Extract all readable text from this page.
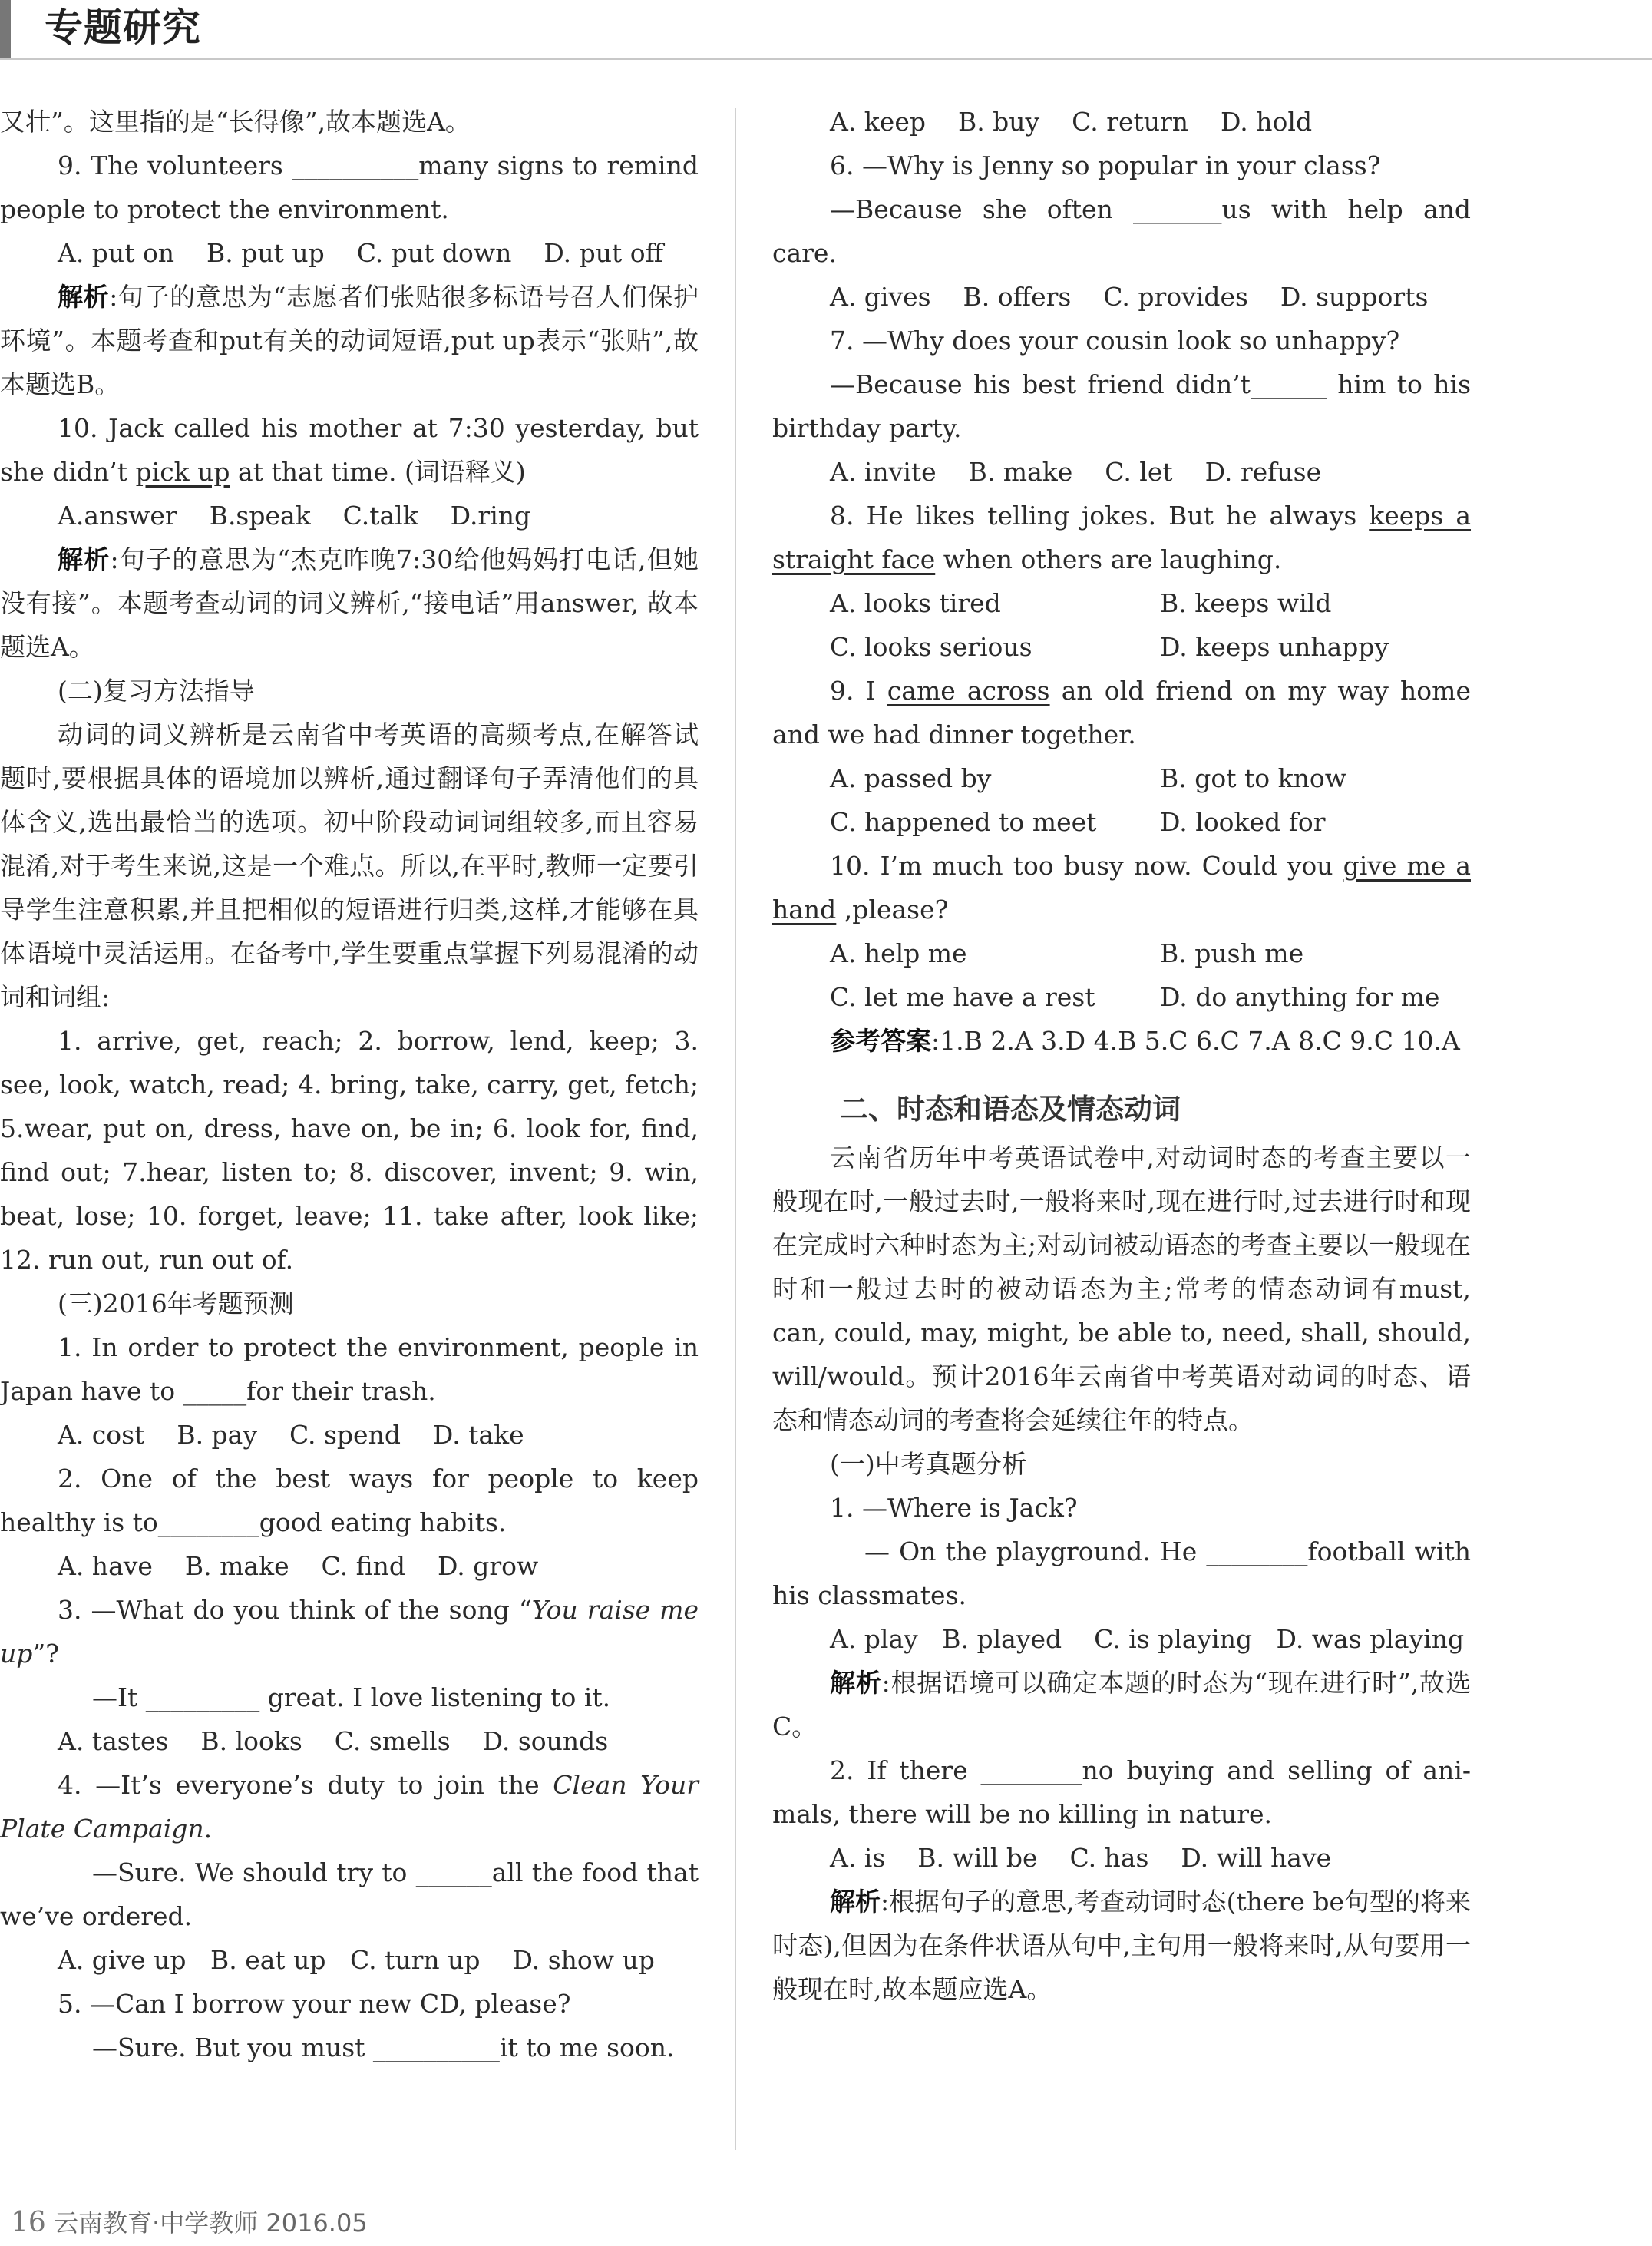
专题研究
又壮”。这里指的是“长得像”,故本题选A。
9. The volunteers __________many signs to remind people to protect the environment.
A. put on    B. put up    C. put down    D. put off
解析:句子的意思为“志愿者们张贴很多标语号召人们保护环境”。本题考查和put有关的动词短语,put up表示“张贴”,故本题选B。
10. Jack called his mother at 7:30 yesterday, but she didn’t pick up at that time. (词语释义)
A.answer    B.speak    C.talk    D.ring
解析:句子的意思为“杰克昨晚7:30给他妈妈打电话,但她没有接”。本题考查动词的词义辨析,“接电话”用answer, 故本题选A。
(二)复习方法指导
动词的词义辨析是云南省中考英语的高频考点,在解答试题时,要根据具体的语境加以辨析,通过翻译句子弄清他们的具体含义,选出最恰当的选项。初中阶段动词词组较多,而且容易混淆,对于考生来说,这是一个难点。所以,在平时,教师一定要引导学生注意积累,并且把相似的短语进行归类,这样,才能够在具体语境中灵活运用。在备考中,学生要重点掌握下列易混淆的动词和词组:
1. arrive, get, reach; 2. borrow, lend, keep; 3. see, look, watch, read; 4. bring, take, carry, get, fetch; 5.wear, put on, dress, have on, be in; 6. look for, find, find out; 7.hear, listen to; 8. discover, invent; 9. win, beat, lose; 10. forget, leave; 11. take after, look like; 12. run out, run out of.
(三)2016年考题预测
1. In order to protect the environment, people in Japan have to _____for their trash.
A. cost    B. pay    C. spend    D. take
2. One of the best ways for people to keep healthy is to________good eating habits.
A. have    B. make    C. find    D. grow
3. —What do you think of the song “You raise me up”?
—It _________ great. I love listening to it.
A. tastes    B. looks    C. smells    D. sounds
4. —It’s everyone’s duty to join the Clean Your Plate Campaign.
—Sure. We should try to ______all the food that we’ve ordered.
A. give up   B. eat up   C. turn up    D. show up
5. —Can I borrow your new CD, please?
—Sure. But you must __________it to me soon.
A. keep    B. buy    C. return    D. hold
6. —Why is Jenny so popular in your class?
—Because she often _______us with help and care.
A. gives    B. offers    C. provides    D. supports
7. —Why does your cousin look so unhappy?
—Because his best friend didn’t______ him to his birthday party.
A. invite    B. make    C. let    D. refuse
8. He likes telling jokes. But he always keeps a straight face when others are laughing.
A. looks tired	B. keeps wild
C. looks serious	D. keeps unhappy
9. I came across an old friend on my way home and we had dinner together.
A. passed by	B. got to know
C. happened to meet	D. looked for
10. I’m much too busy now. Could you give me a hand ,please?
A. help me	B. push me
C. let me have a rest	D. do anything for me
参考答案:1.B 2.A 3.D 4.B 5.C 6.C 7.A 8.C 9.C 10.A
二、时态和语态及情态动词
云南省历年中考英语试卷中,对动词时态的考查主要以一般现在时,一般过去时,一般将来时,现在进行时,过去进行时和现在完成时六种时态为主;对动词被动语态的考查主要以一般现在时和一般过去时的被动语态为主;常考的情态动词有must, can, could, may, might, be able to, need, shall, should, will/would。预计2016年云南省中考英语对动词的时态、语态和情态动词的考查将会延续往年的特点。
(一)中考真题分析
1. —Where is Jack?
— On the playground. He ________football with his classmates.
A. play   B. played    C. is playing   D. was playing
解析:根据语境可以确定本题的时态为“现在进行时”,故选C。
2. If there ________no buying and selling of ani-mals, there will be no killing in nature.
A. is    B. will be    C. has    D. will have
解析:根据句子的意思,考查动词时态(there be句型的将来时态),但因为在条件状语从句中,主句用一般将来时,从句要用一般现在时,故本题应选A。
16 云南教育·中学教师 2016.05
